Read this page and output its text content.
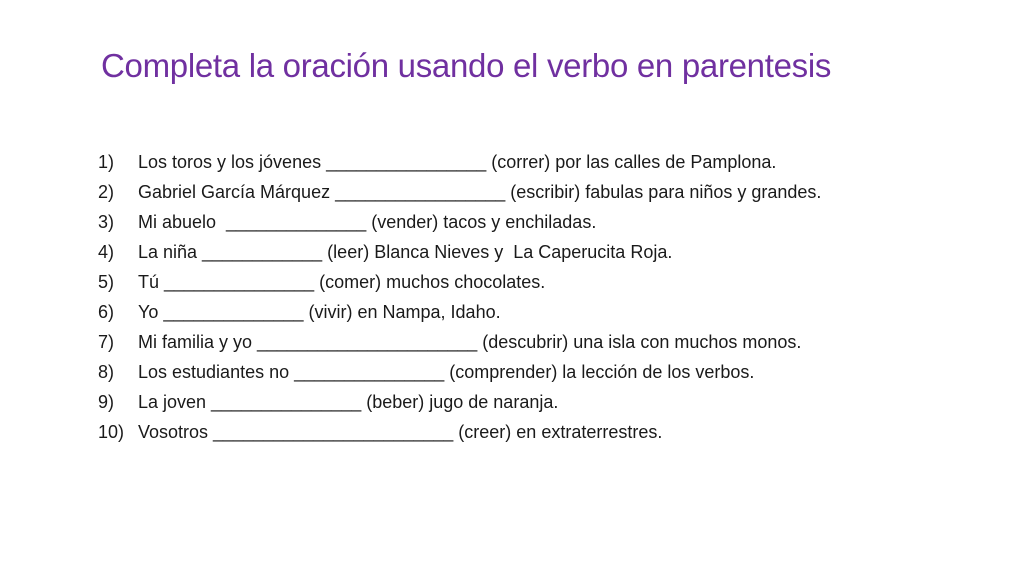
Completa la oración usando el verbo en parentesis
1)	Los toros y los jóvenes ________________ (correr) por las calles de Pamplona.
2)	Gabriel García Márquez _________________ (escribir) fabulas para niños y grandes.
3)	Mi abuelo  ______________ (vender) tacos y enchiladas.
4)	La niña ____________ (leer) Blanca Nieves y  La Caperucita Roja.
5)	Tú _______________ (comer) muchos chocolates.
6)	Yo ______________ (vivir) en Nampa, Idaho.
7)	Mi familia y yo ______________________ (descubrir) una isla con muchos monos.
8)	Los estudiantes no _______________ (comprender) la lección de los verbos.
9)	La joven _______________ (beber) jugo de naranja.
10) Vosotros ________________________ (creer) en extraterrestres.
